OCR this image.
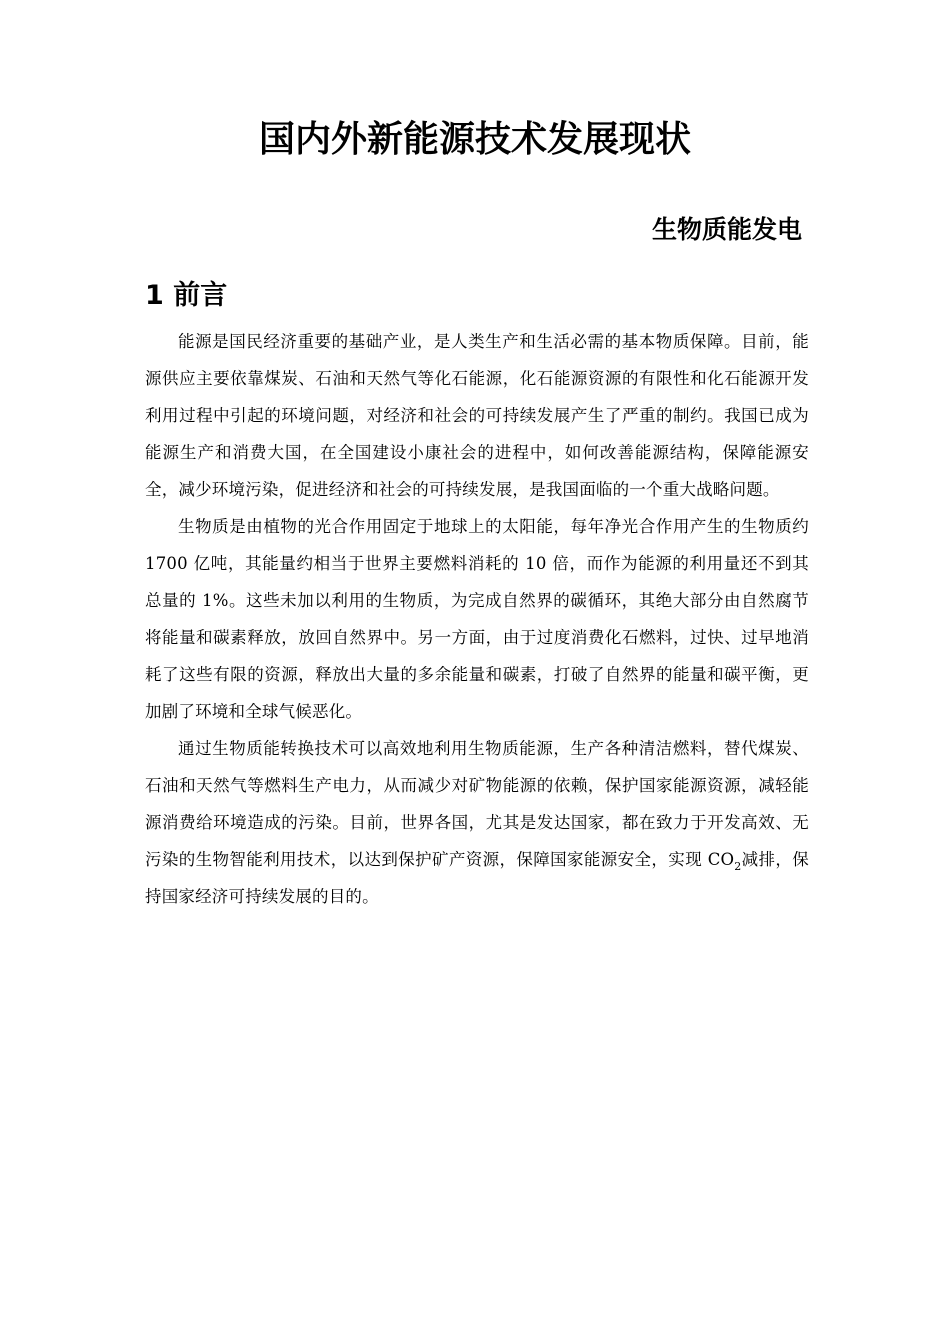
国内外新能源技术发展现状
生物质能发电
1 前言

能源是国民经济重要的基础产业，是人类生产和生活必需的基本物质保障。目前，能源供应主要依靠煤炭、石油和天然气等化石能源，化石能源资源的有限性和化石能源开发利用过程中引起的环境问题，对经济和社会的可持续发展产生了严重的制约。我国已成为能源生产和消费大国，在全国建设小康社会的进程中，如何改善能源结构，保障能源安全，减少环境污染，促进经济和社会的可持续发展，是我国面临的一个重大战略问题。

生物质是由植物的光合作用固定于地球上的太阳能，每年净光合作用产生的生物质约 1700 亿吨，其能量约相当于世界主要燃料消耗的 10 倍，而作为能源的利用量还不到其总量的 1%。这些未加以利用的生物质，为完成自然界的碳循环，其绝大部分由自然腐节将能量和碳素释放，放回自然界中。另一方面，由于过度消费化石燃料，过快、过早地消耗了这些有限的资源，释放出大量的多余能量和碳素，打破了自然界的能量和碳平衡，更加剧了环境和全球气候恶化。

通过生物质能转换技术可以高效地利用生物质能源，生产各种清洁燃料，替代煤炭、石油和天然气等燃料生产电力，从而减少对矿物能源的依赖，保护国家能源资源，减轻能源消费给环境造成的污染。目前，世界各国，尤其是发达国家，都在致力于开发高效、无污染的生物智能利用技术，以达到保护矿产资源，保障国家能源安全，实现 $CO_2$减排，保持国家经济可持续发展的目的。
